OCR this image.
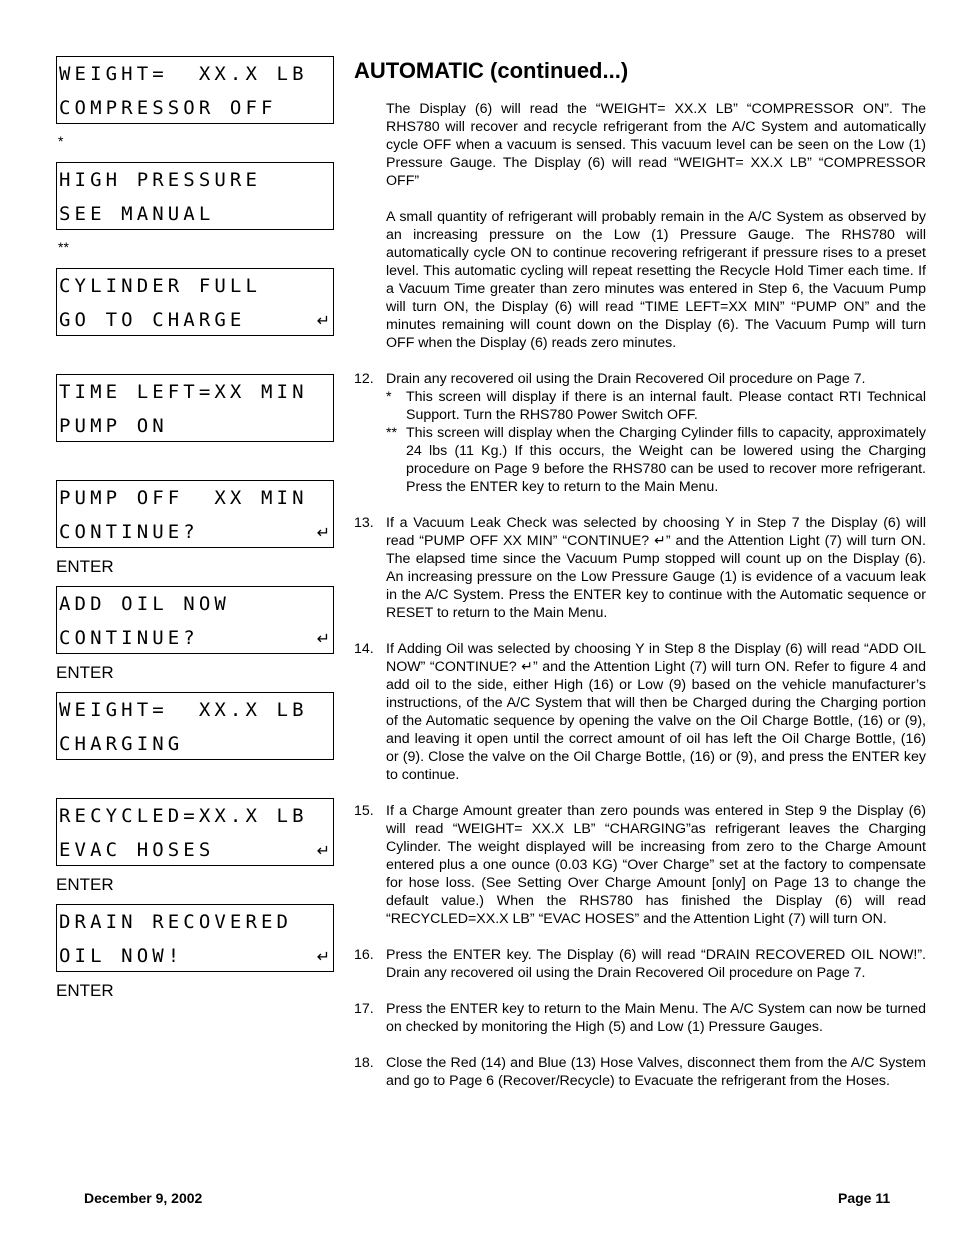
WEIGHT=  XX.X LB
COMPRESSOR OFF
*
HIGH PRESSURE
SEE MANUAL
**
CYLINDER FULL
GO TO CHARGE	↵
TIME LEFT=XX MIN
PUMP ON
PUMP OFF  XX MIN
CONTINUE?	↵
ENTER
ADD OIL NOW
CONTINUE?	↵
ENTER
WEIGHT=  XX.X LB
CHARGING
RECYCLED=XX.X LB
EVAC HOSES	↵
ENTER
DRAIN RECOVERED
OIL NOW!	↵
ENTER
AUTOMATIC (continued...)

The Display (6) will read the “WEIGHT= XX.X LB” “COMPRESSOR ON”. The RHS780 will recover and recycle refrigerant from the A/C System and automatically cycle OFF when a vacuum is sensed. This vacuum level can be seen on the Low (1) Pressure Gauge. The Display (6) will read “WEIGHT= XX.X LB” “COMPRESSOR OFF”

A small quantity of refrigerant will probably remain in the A/C System as observed by an increasing pressure on the Low (1) Pressure Gauge. The RHS780 will automatically cycle ON to continue recovering refrigerant if pressure rises to a preset level. This automatic cycling will repeat resetting the Recycle Hold Timer each time. If a Vacuum Time greater than zero minutes was entered in Step 6, the Vacuum Pump will turn ON, the Display (6) will read “TIME LEFT=XX MIN” “PUMP ON” and the minutes remaining will count down on the Display (6). The Vacuum Pump will turn OFF when the Display (6) reads zero minutes.

12. Drain any recovered oil using the Drain Recovered Oil procedure on Page 7.

* This screen will display if there is an internal fault. Please contact RTI Technical Support. Turn the RHS780 Power Switch OFF.

** This screen will display when the Charging Cylinder fills to capacity, approximately 24 lbs (11 Kg.) If this occurs, the Weight can be lowered using the Charging procedure on Page 9 before the RHS780 can be used to recover more refrigerant. Press the ENTER key to return to the Main Menu.

13. If a Vacuum Leak Check was selected by choosing Y in Step 7 the Display (6) will read “PUMP OFF XX MIN” “CONTINUE? ↵” and the Attention Light (7) will turn ON. The elapsed time since the Vacuum Pump stopped will count up on the Display (6). An increasing pressure on the Low Pressure Gauge (1) is evidence of a vacuum leak in the A/C System. Press the ENTER key to continue with the Automatic sequence or RESET to return to the Main Menu.

14. If Adding Oil was selected by choosing Y in Step 8 the Display (6) will read “ADD OIL NOW” “CONTINUE? ↵” and the Attention Light (7) will turn ON. Refer to figure 4 and add oil to the side, either High (16) or Low (9) based on the vehicle manufacturer’s instructions, of the A/C System that will then be Charged during the Charging portion of the Automatic sequence by opening the valve on the Oil Charge Bottle, (16) or (9), and leaving it open until the correct amount of oil has left the Oil Charge Bottle, (16) or (9). Close the valve on the Oil Charge Bottle, (16) or (9), and press the ENTER key to continue.

15. If a Charge Amount greater than zero pounds was entered in Step 9 the Display (6) will read “WEIGHT= XX.X LB” “CHARGING”as refrigerant leaves the Charging Cylinder. The weight displayed will be increasing from zero to the Charge Amount entered plus a one ounce (0.03 KG) “Over Charge” set at the factory to compensate for hose loss. (See Setting Over Charge Amount [only] on Page 13 to change the default value.) When the RHS780 has finished the Display (6) will read “RECYCLED=XX.X LB” “EVAC HOSES” and the Attention Light (7) will turn ON.

16. Press the ENTER key. The Display (6) will read “DRAIN RECOVERED OIL NOW!”. Drain any recovered oil using the Drain Recovered Oil procedure on Page 7.

17. Press the ENTER key to return to the Main Menu. The A/C System can now be turned on checked by monitoring the High (5) and Low (1) Pressure Gauges.

18. Close the Red (14) and Blue (13) Hose Valves, disconnect them from the A/C System and go to Page 6 (Recover/Recycle) to Evacuate the refrigerant from the Hoses.

December 9, 2002	Page 11
